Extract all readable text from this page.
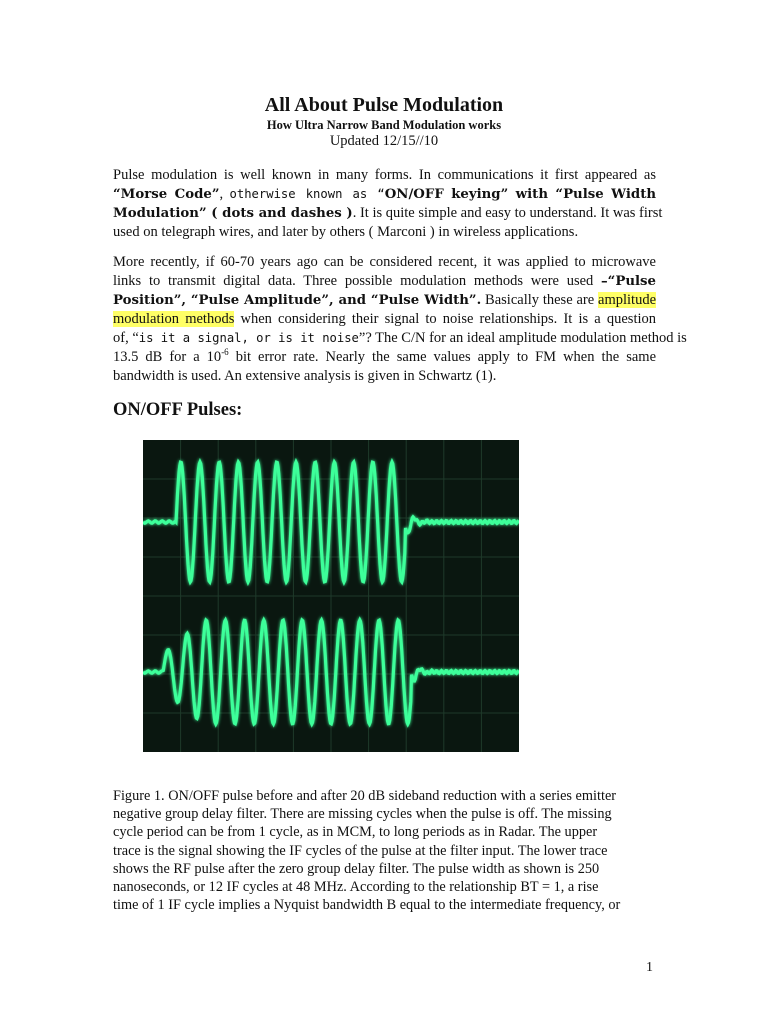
All About Pulse Modulation
How Ultra Narrow Band Modulation works
Updated 12/15//10
Pulse modulation is well known in many forms. In communications it first appeared as
“Morse Code”, otherwise known as “ON/OFF keying” with “Pulse Width
Modulation” ( dots and dashes ). It is quite simple and easy to understand. It was first
used on telegraph wires, and later by others ( Marconi ) in wireless applications.
More recently, if 60-70 years ago can be considered recent, it was applied to microwave
links to transmit digital data. Three possible modulation methods were used –“Pulse
Position”, “Pulse Amplitude”, and “Pulse Width”. Basically these are amplitude
modulation methods when considering their signal to noise relationships. It is a question
of, “is it a signal, or is it noise”? The C/N for an ideal amplitude modulation method is
13.5 dB for a $10^{-6}$ bit error rate. Nearly the same values apply to FM when the same
bandwidth is used. An extensive analysis is given in Schwartz (1).
ON/OFF Pulses:
Figure 1. ON/OFF pulse before and after 20 dB sideband reduction with a series emitter
negative group delay filter. There are missing cycles when the pulse is off. The missing
cycle period can be from 1 cycle, as in MCM, to long periods as in Radar. The upper
trace is the signal showing the IF cycles of the pulse at the filter input. The lower trace
shows the RF pulse after the zero group delay filter. The pulse width as shown is 250
nanoseconds, or 12 IF cycles at 48 MHz. According to the relationship BT = 1, a rise
time of 1 IF cycle implies a Nyquist bandwidth B equal to the intermediate frequency, or
1
